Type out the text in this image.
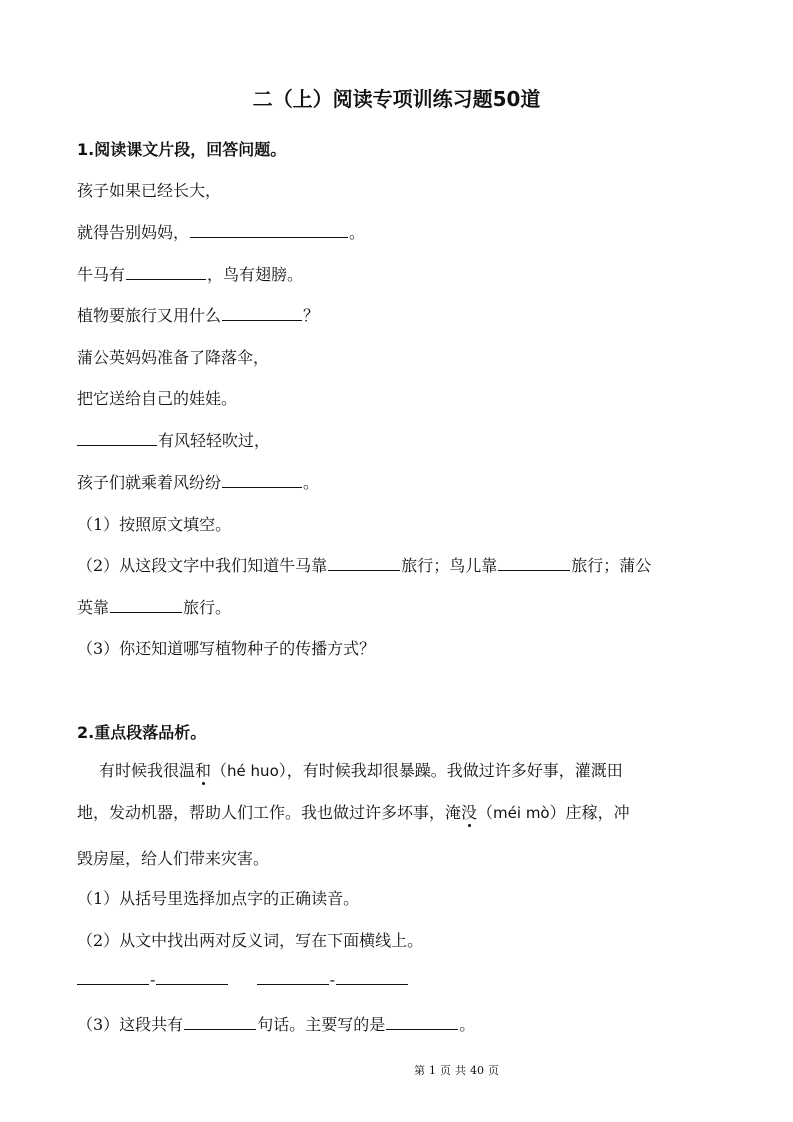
二（上）阅读专项训练习题50道
1.阅读课文片段，回答问题。
孩子如果已经长大，
就得告别妈妈，	。
牛马有	，鸟有翅膀。
植物要旅行又用什么	？
蒲公英妈妈准备了降落伞，
把它送给自己的娃娃。
有风轻轻吹过，
孩子们就乘着风纷纷	。
（1）按照原文填空。
（2）从这段文字中我们知道牛马靠	旅行；鸟儿靠	旅行；蒲公
英靠	旅行。
（3）你还知道哪写植物种子的传播方式？
2.重点段落品析。
有时候我很温和（hé huo），有时候我却很暴躁。我做过许多好事，灌溉田
地，发动机器，帮助人们工作。我也做过许多坏事，淹没（méi mò）庄稼，冲
毁房屋，给人们带来灾害。
（1）从括号里选择加点字的正确读音。
（2）从文中找出两对反义词，写在下面横线上。
-	-
（3）这段共有	句话。主要写的是	。
第 1 页 共 40 页
